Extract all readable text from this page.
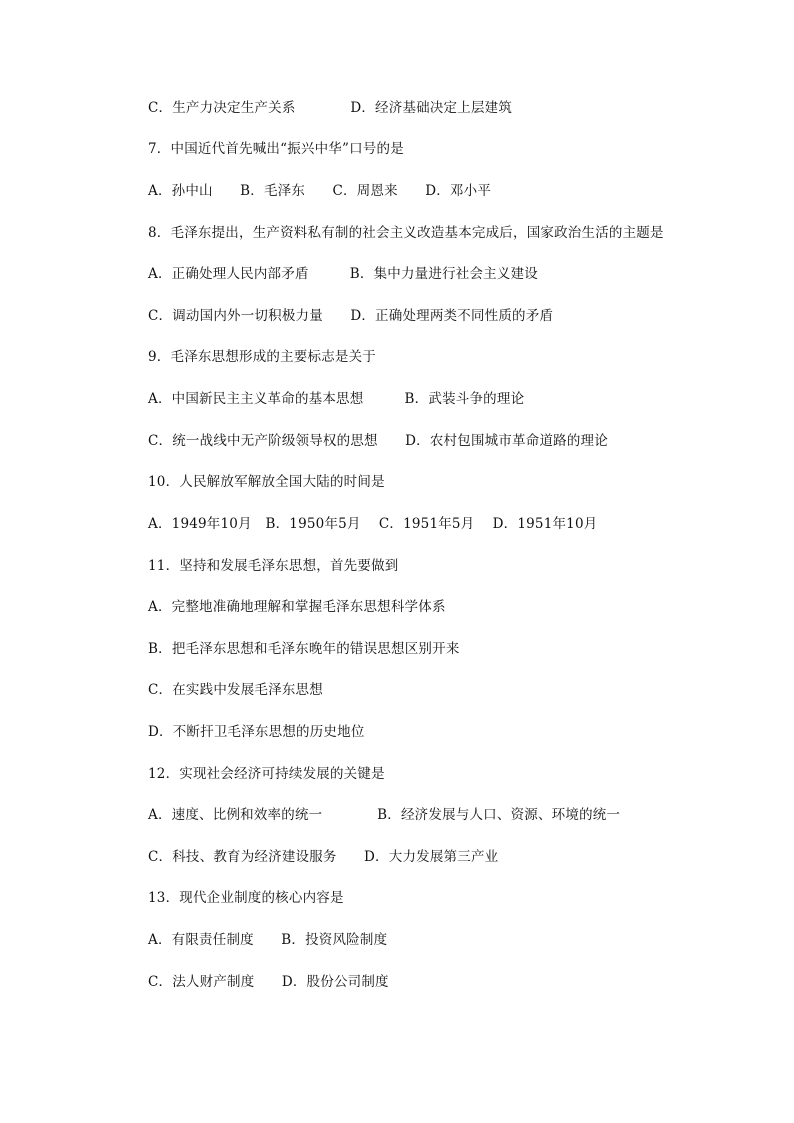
C．生产力决定生产关系　　　　D．经济基础决定上层建筑
7．中国近代首先喊出“振兴中华”口号的是
A．孙中山　　B．毛泽东　　C．周恩来　　D．邓小平
8．毛泽东提出，生产资料私有制的社会主义改造基本完成后，国家政治生活的主题是
A．正确处理人民内部矛盾　　　B．集中力量进行社会主义建设
C．调动国内外一切积极力量　　D．正确处理两类不同性质的矛盾
9．毛泽东思想形成的主要标志是关于
A．中国新民主主义革命的基本思想　　　B．武装斗争的理论
C．统一战线中无产阶级领导权的思想　　D．农村包围城市革命道路的理论
10．人民解放军解放全国大陆的时间是
A．1949年10月　B．1950年5月　 C．1951年5月　 D．1951年10月
11．坚持和发展毛泽东思想，首先要做到
A．完整地准确地理解和掌握毛泽东思想科学体系
B．把毛泽东思想和毛泽东晚年的错误思想区别开来
C．在实践中发展毛泽东思想
D．不断扞卫毛泽东思想的历史地位
12．实现社会经济可持续发展的关键是
A．速度、比例和效率的统一　　　　B．经济发展与人口、资源、环境的统一
C．科技、教育为经济建设服务　　D．大力发展第三产业
13．现代企业制度的核心内容是
A．有限责任制度　　B．投资风险制度
C．法人财产制度　　D．股份公司制度
